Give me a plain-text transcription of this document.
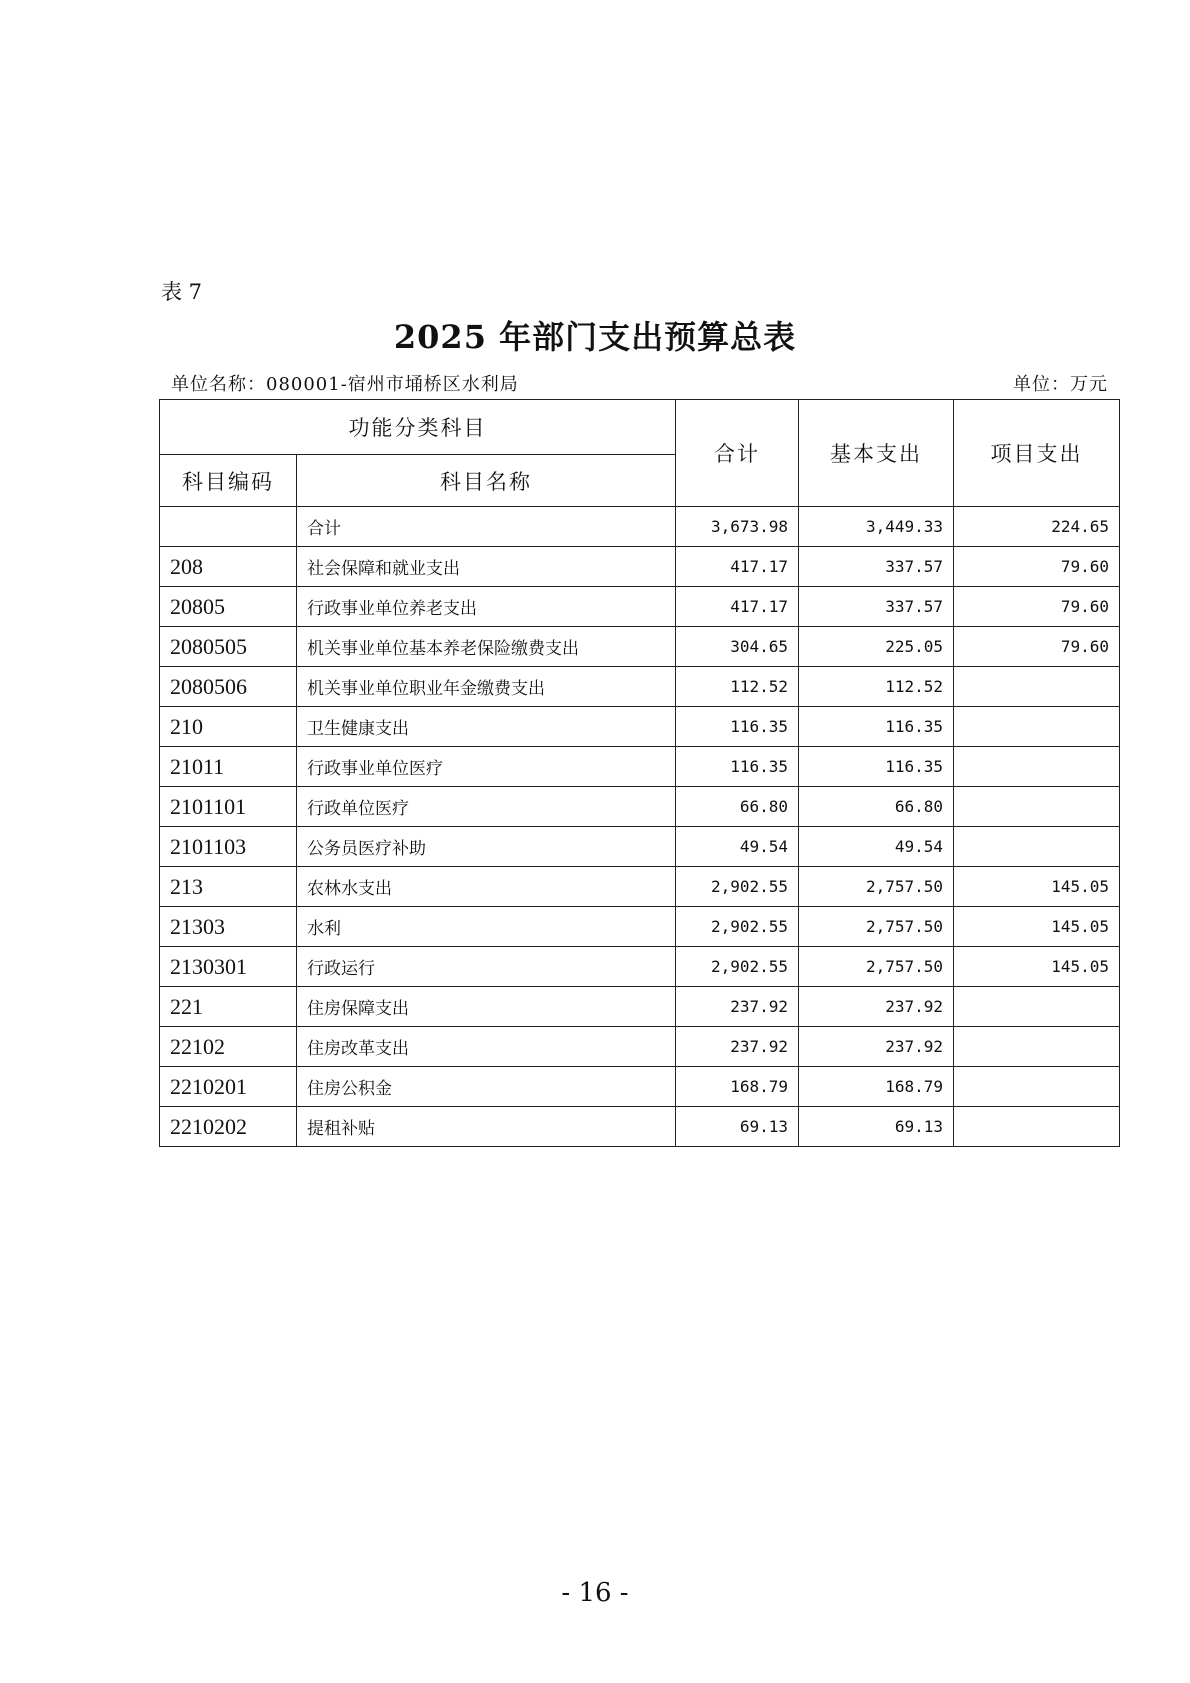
表 7
2025 年部门支出预算总表
单位名称：080001-宿州市埇桥区水利局	单位：万元
功能分类科目		合计	基本支出	项目支出
科目编码	科目名称			
	合计	3,673.98	3,449.33	224.65
208	社会保障和就业支出	417.17	337.57	79.60
20805	行政事业单位养老支出	417.17	337.57	79.60
2080505	机关事业单位基本养老保险缴费支出	304.65	225.05	79.60
2080506	机关事业单位职业年金缴费支出	112.52	112.52	
210	卫生健康支出	116.35	116.35	
21011	行政事业单位医疗	116.35	116.35	
2101101	行政单位医疗	66.80	66.80	
2101103	公务员医疗补助	49.54	49.54	
213	农林水支出	2,902.55	2,757.50	145.05
21303	水利	2,902.55	2,757.50	145.05
2130301	行政运行	2,902.55	2,757.50	145.05
221	住房保障支出	237.92	237.92	
22102	住房改革支出	237.92	237.92	
2210201	住房公积金	168.79	168.79	
2210202	提租补贴	69.13	69.13	
- 16 -
